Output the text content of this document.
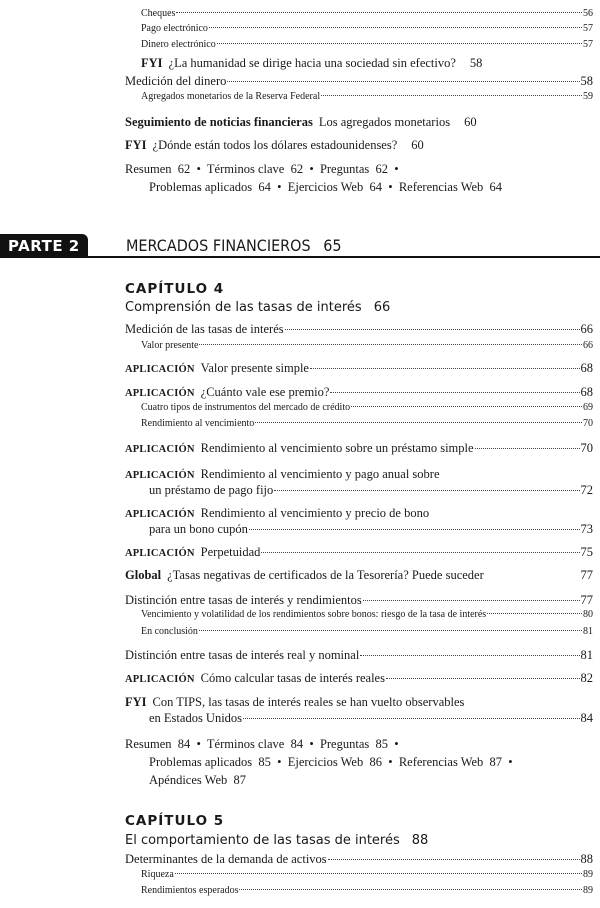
PARTE 2	MERCADOS FINANCIEROS 65
CAPÍTULO 4
Comprensión de las tasas de interés 66
CAPÍTULO 5
El comportamiento de las tasas de interés 88
Cheques	56
Pago electrónico	57
Dinero electrónico	57
FYI ¿La humanidad se dirige hacia una sociedad sin efectivo? 58
Medición del dinero	58
Agregados monetarios de la Reserva Federal	59
Seguimiento de noticias financieras Los agregados monetarios 60
FYI ¿Dónde están todos los dólares estadounidenses? 60
Resumen  62  •  Términos clave  62  •  Preguntas  62  •
Problemas aplicados  64  •  Ejercicios Web  64  •  Referencias Web  64
Medición de las tasas de interés	66
Valor presente	66
APLICACIÓN Valor presente simple	68
APLICACIÓN ¿Cuánto vale ese premio?	68
Cuatro tipos de instrumentos del mercado de crédito	69
Rendimiento al vencimiento	70
APLICACIÓN Rendimiento al vencimiento sobre un préstamo simple	70
APLICACIÓN Rendimiento al vencimiento y pago anual sobre
un préstamo de pago fijo	72
APLICACIÓN Rendimiento al vencimiento y precio de bono
para un bono cupón	73
APLICACIÓN Perpetuidad	75
Global ¿Tasas negativas de certificados de la Tesorería? Puede suceder	77
Distinción entre tasas de interés y rendimientos	77
Vencimiento y volatilidad de los rendimientos sobre bonos: riesgo de la tasa de interés	80
En conclusión	81
Distinción entre tasas de interés real y nominal	81
APLICACIÓN Cómo calcular tasas de interés reales	82
FYI Con TIPS, las tasas de interés reales se han vuelto observables
en Estados Unidos	84
Resumen  84  •  Términos clave  84  •  Preguntas  85  •
Problemas aplicados  85  •  Ejercicios Web  86  •  Referencias Web  87  •
Apéndices Web  87
Determinantes de la demanda de activos	88
Riqueza	89
Rendimientos esperados	89
